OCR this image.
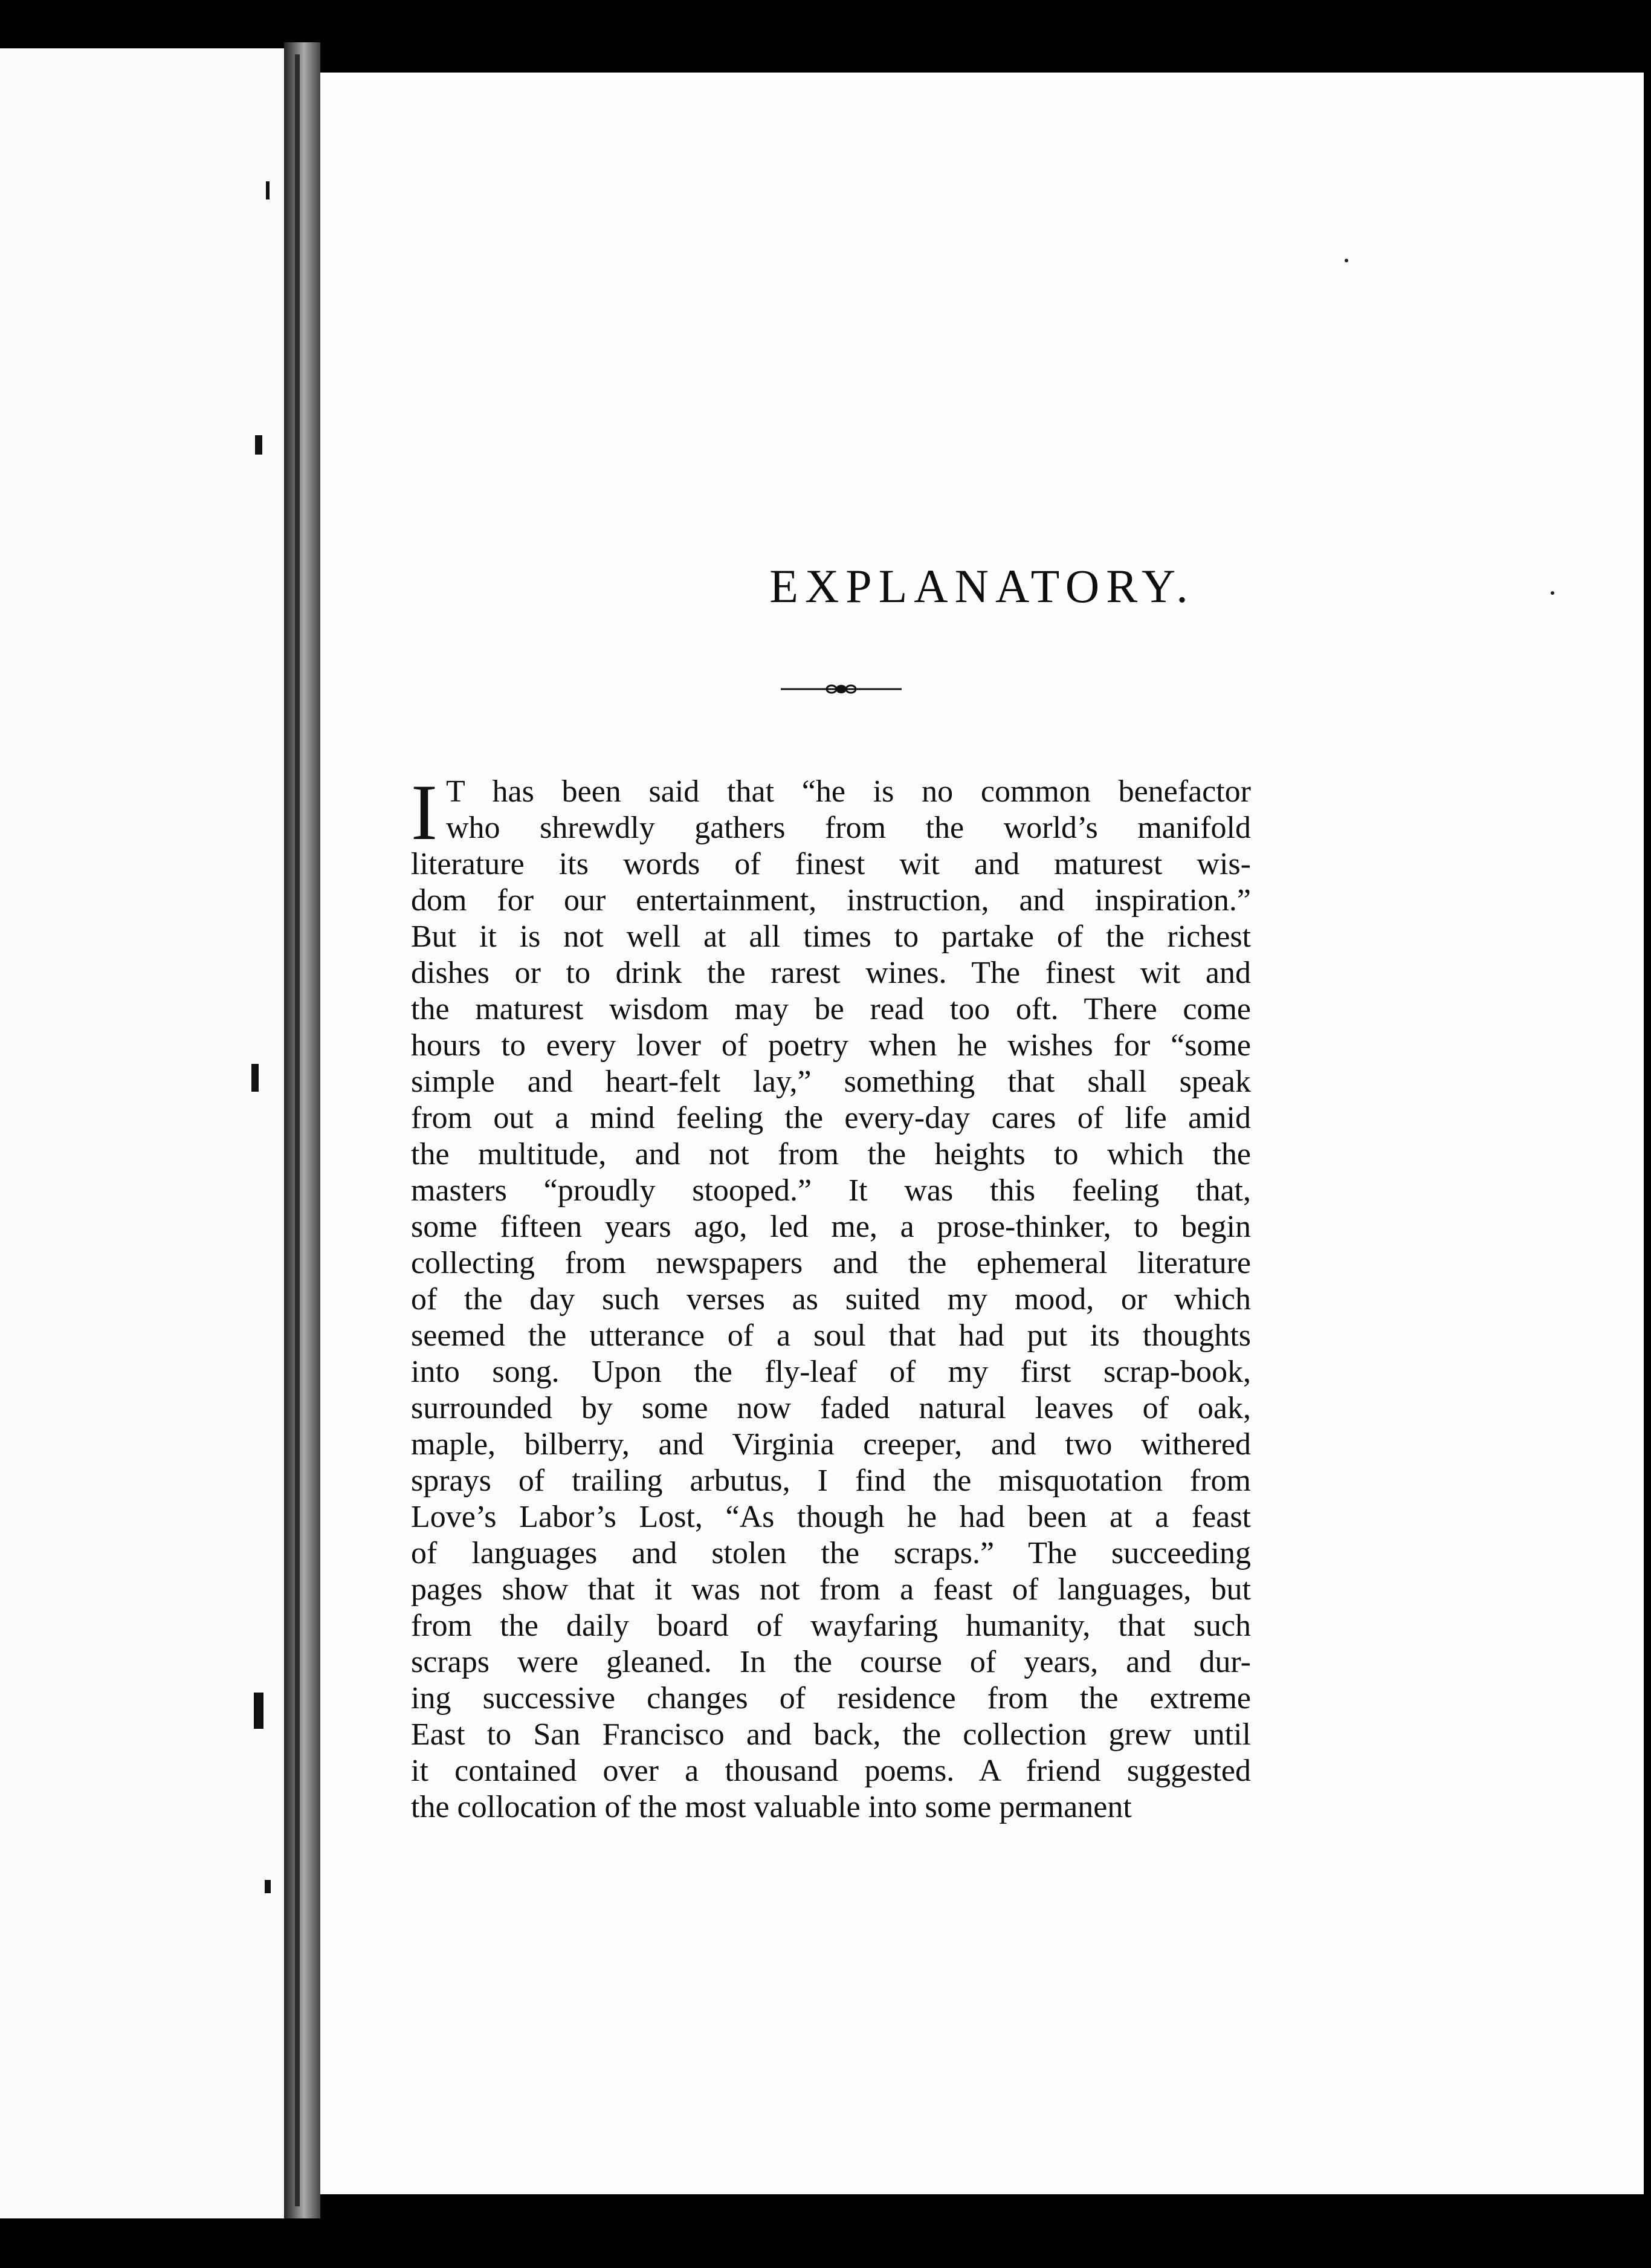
EXPLANATORY.
I T has been said that “he is no common benefactor
who shrewdly gathers from the world’s manifold
literature its words of finest wit and maturest wis-
dom for our entertainment, instruction, and inspiration.”
But it is not well at all times to partake of the richest
dishes or to drink the rarest wines. The finest wit and
the maturest wisdom may be read too oft. There come
hours to every lover of poetry when he wishes for “some
simple and heart-felt lay,” something that shall speak
from out a mind feeling the every-day cares of life amid
the multitude, and not from the heights to which the
masters “proudly stooped.” It was this feeling that,
some fifteen years ago, led me, a prose-thinker, to begin
collecting from newspapers and the ephemeral literature
of the day such verses as suited my mood, or which
seemed the utterance of a soul that had put its thoughts
into song. Upon the fly-leaf of my first scrap-book,
surrounded by some now faded natural leaves of oak,
maple, bilberry, and Virginia creeper, and two withered
sprays of trailing arbutus, I find the misquotation from
Love’s Labor’s Lost, “As though he had been at a feast
of languages and stolen the scraps.” The succeeding
pages show that it was not from a feast of languages, but
from the daily board of wayfaring humanity, that such
scraps were gleaned. In the course of years, and dur-
ing successive changes of residence from the extreme
East to San Francisco and back, the collection grew until
it contained over a thousand poems. A friend suggested
the collocation of the most valuable into some permanent
